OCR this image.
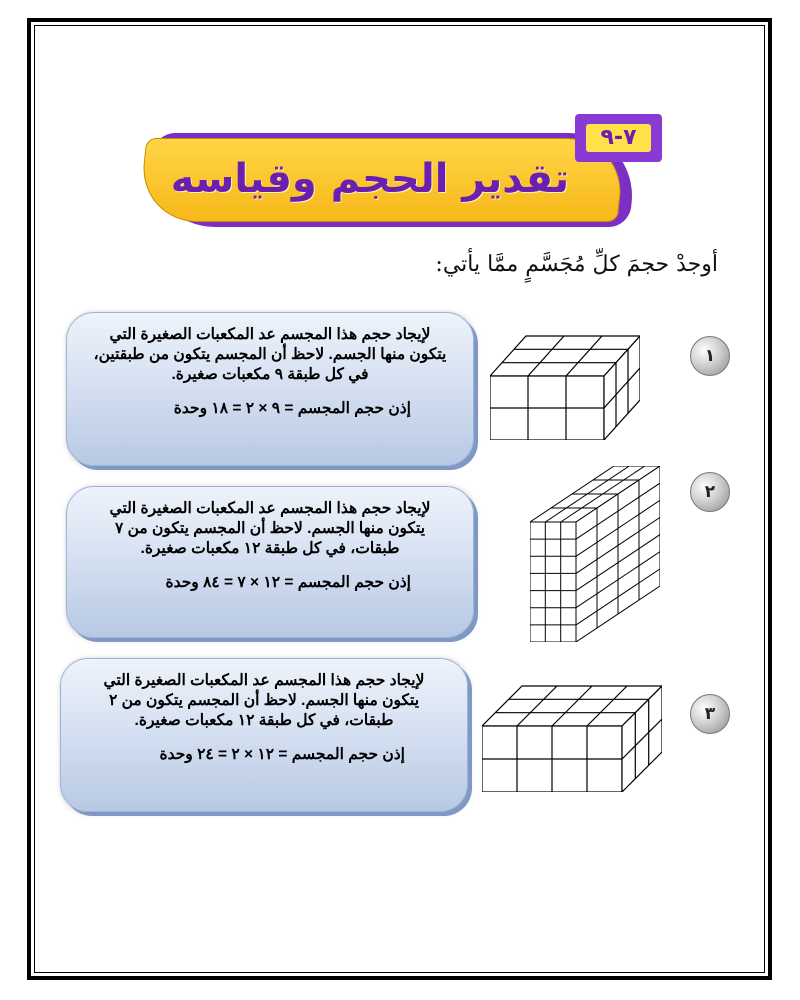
تقدير الحجم وقياسه
٧-٩
أوجدْ حجمَ كلِّ مُجَسَّمٍ ممَّا يأتي:
لإيجاد حجم هذا المجسم عد المكعبات الصغيرة التي يتكون منها الجسم. لاحظ أن المجسم يتكون من طبقتين، في كل طبقة ٩ مكعبات صغيرة.
إذن حجم المجسم = ٩ × ٢ = ١٨ وحدة
١
لإيجاد حجم هذا المجسم عد المكعبات الصغيرة التي يتكون منها الجسم. لاحظ أن المجسم يتكون من ٧ طبقات، في كل طبقة ١٢ مكعبات صغيرة.
إذن حجم المجسم = ١٢ × ٧ = ٨٤ وحدة
٢
لإيجاد حجم هذا المجسم عد المكعبات الصغيرة التي يتكون منها الجسم. لاحظ أن المجسم يتكون من ٢ طبقات، في كل طبقة ١٢ مكعبات صغيرة.
إذن حجم المجسم = ١٢ × ٢ = ٢٤ وحدة
٣
